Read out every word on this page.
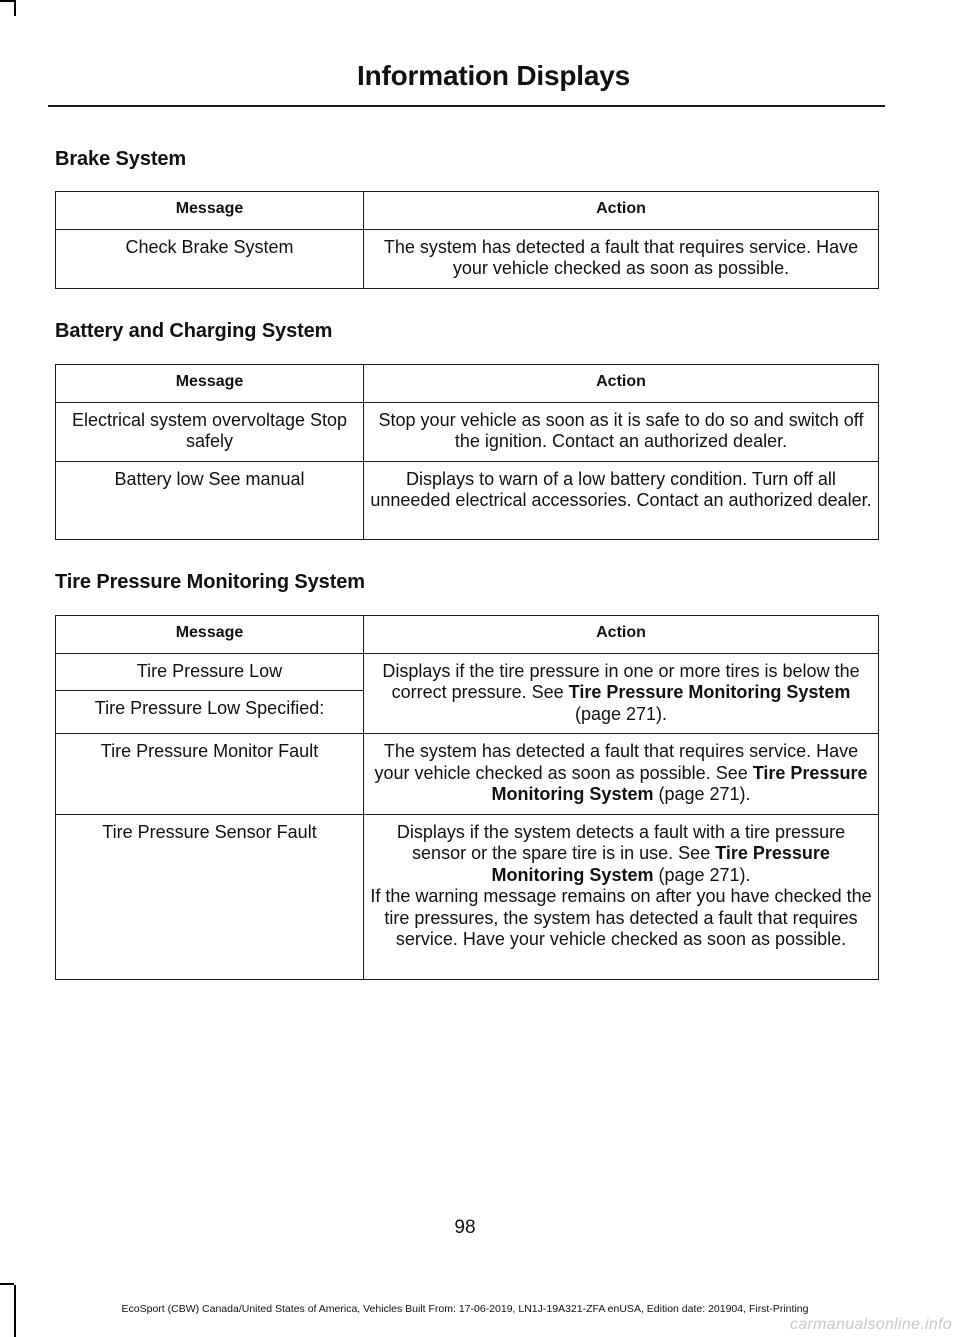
Information Displays
Brake System
Message	Action
Check Brake System	The system has detected a fault that requires service. Have your vehicle checked as soon as possible.
Battery and Charging System
Message	Action
Electrical system overvoltage Stop safely	Stop your vehicle as soon as it is safe to do so and switch off the ignition. Contact an authorized dealer.
Battery low See manual	Displays to warn of a low battery condition. Turn off all unneeded electrical accessories. Contact an authorized dealer.
Tire Pressure Monitoring System
Message	Action
Tire Pressure Low	Displays if the tire pressure in one or more tires is below the correct pressure. See Tire Pressure Monitoring System (page 271).
Tire Pressure Low Specified:	
Tire Pressure Monitor Fault	The system has detected a fault that requires service. Have your vehicle checked as soon as possible. See Tire Pressure Monitoring System (page 271).
Tire Pressure Sensor Fault	Displays if the system detects a fault with a tire pressure sensor or the spare tire is in use. See Tire Pressure Monitoring System (page 271).
If the warning message remains on after you have checked the tire pressures, the system has detected a fault that requires service. Have your vehicle checked as soon as possible.
98
EcoSport (CBW) Canada/United States of America, Vehicles Built From: 17-06-2019, LN1J-19A321-ZFA enUSA, Edition date: 201904, First-Printing
carmanualsonline.info
